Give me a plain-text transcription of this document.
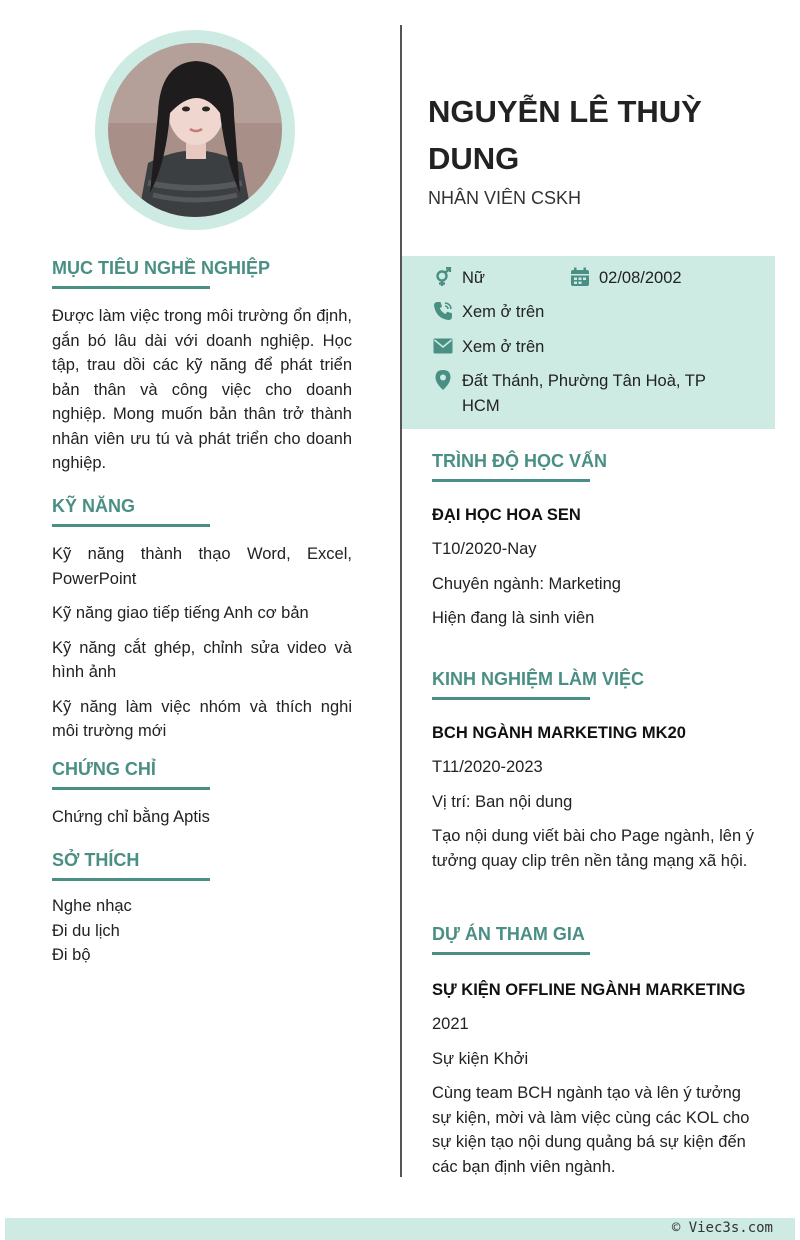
MỤC TIÊU NGHỀ NGHIỆP

Được làm việc trong môi trường ổn định, gắn bó lâu dài với doanh nghiệp. Học tập, trau dồi các kỹ năng để phát triển bản thân và công việc cho doanh nghiệp. Mong muốn bản thân trở thành nhân viên ưu tú và phát triển cho doanh nghiệp.

KỸ NĂNG

Kỹ năng thành thạo Word, Excel, PowerPoint

Kỹ năng giao tiếp tiếng Anh cơ bản

Kỹ năng cắt ghép, chỉnh sửa video và hình ảnh

Kỹ năng làm việc nhóm và thích nghi môi trường mới

CHỨNG CHỈ

Chứng chỉ bằng Aptis

SỞ THÍCH

Nghe nhạc

Đi du lịch

Đi bộ

NGUYỄN LÊ THUỲ DUNG
NHÂN VIÊN CSKH
Nữ	02/08/2002
Xem ở trên
Xem ở trên
Đất Thánh, Phường Tân Hoà, TP HCM
TRÌNH ĐỘ HỌC VẤN
ĐẠI HỌC HOA SEN
T10/2020-Nay
Chuyên ngành: Marketing
Hiện đang là sinh viên
KINH NGHIỆM LÀM VIỆC
BCH NGÀNH MARKETING MK20
T11/2020-2023
Vị trí: Ban nội dung
Tạo nội dung viết bài cho Page ngành, lên ý tưởng quay clip trên nền tảng mạng xã hội.
DỰ ÁN THAM GIA
SỰ KIỆN OFFLINE NGÀNH MARKETING
2021
Sự kiện Khởi
Cùng team BCH ngành tạo và lên ý tưởng sự kiện, mời và làm việc cùng các KOL cho sự kiện tạo nội dung quảng bá sự kiện đến các bạn định viên ngành.
© Viec3s.com
